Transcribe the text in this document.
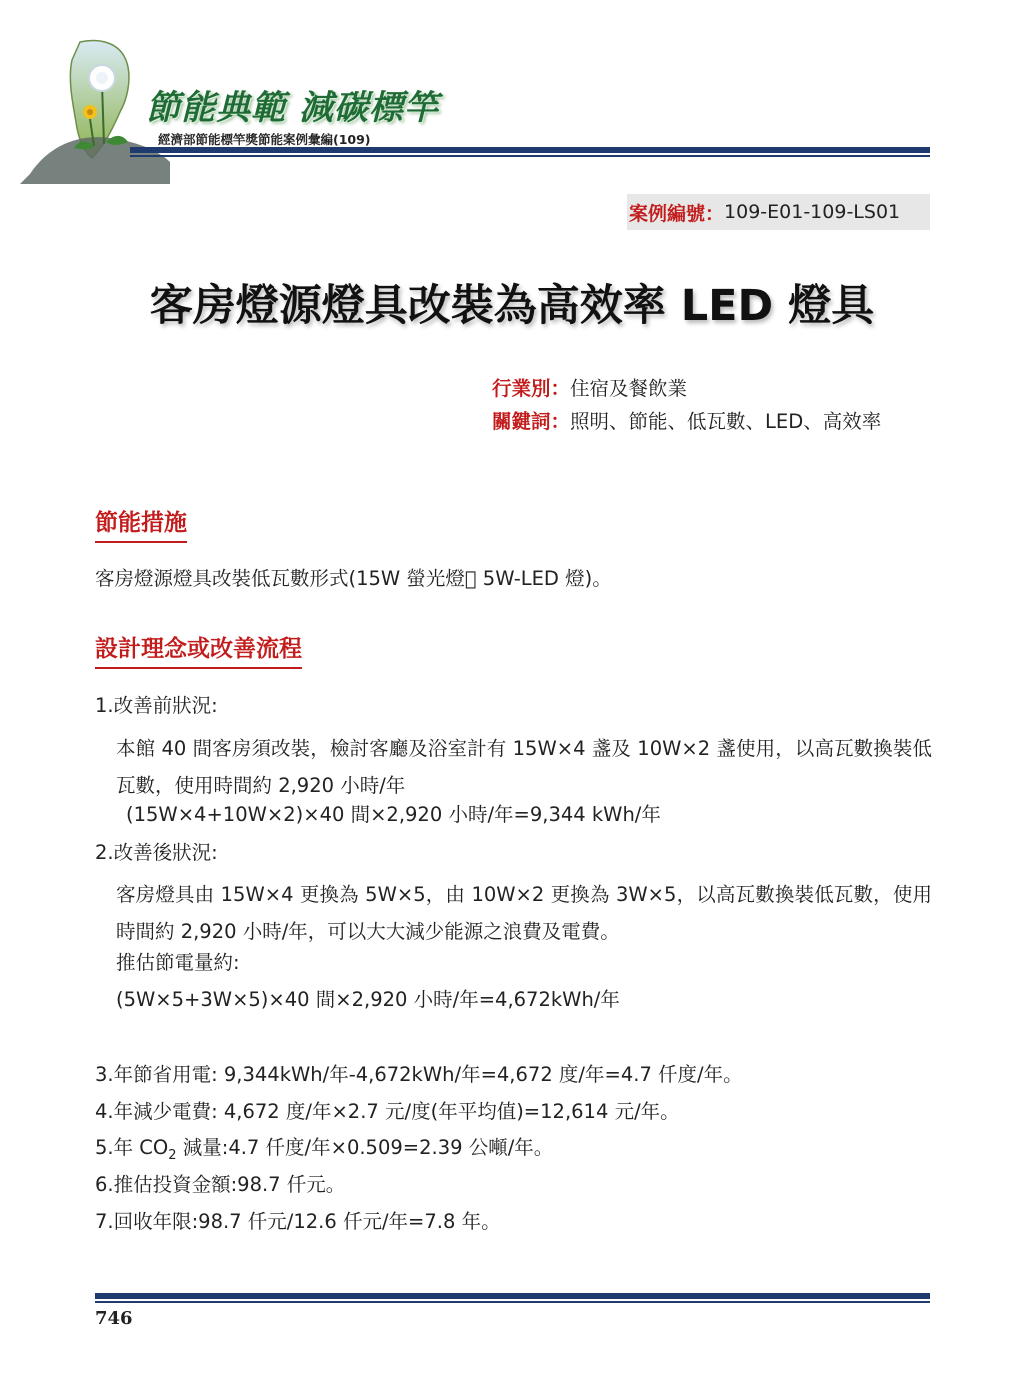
節能典範 減碳標竿

經濟部節能標竿獎節能案例彙編(109)

案例編號： 109-E01-109-LS01
客房燈源燈具改裝為高效率 LED 燈具
行業別： 住宿及餐飲業
關鍵詞： 照明、節能、低瓦數、LED、高效率
節能措施

客房燈源燈具改裝低瓦數形式(15W 螢光燈􀃆 5W-LED 燈)。

設計理念或改善流程

1.改善前狀況:

本館 40 間客房須改裝，檢討客廳及浴室計有 15W×4 盞及 10W×2 盞使用，以高瓦數換裝低瓦數，使用時間約 2,920 小時/年

(15W×4+10W×2)×40 間×2,920 小時/年=9,344 kWh/年

2.改善後狀況:

客房燈具由 15W×4 更換為 5W×5，由 10W×2 更換為 3W×5，以高瓦數換裝低瓦數，使用時間約 2,920 小時/年，可以大大減少能源之浪費及電費。

推估節電量約:

(5W×5+3W×5)×40 間×2,920 小時/年=4,672kWh/年

3.年節省用電: 9,344kWh/年-4,672kWh/年=4,672 度/年=4.7 仟度/年。

4.年減少電費: 4,672 度/年×2.7 元/度(年平均值)=12,614 元/年。

5.年 $CO_2$ 減量:4.7 仟度/年×0.509=2.39 公噸/年。

6.推估投資金額:98.7 仟元。

7.回收年限:98.7 仟元/12.6 仟元/年=7.8 年。

746
